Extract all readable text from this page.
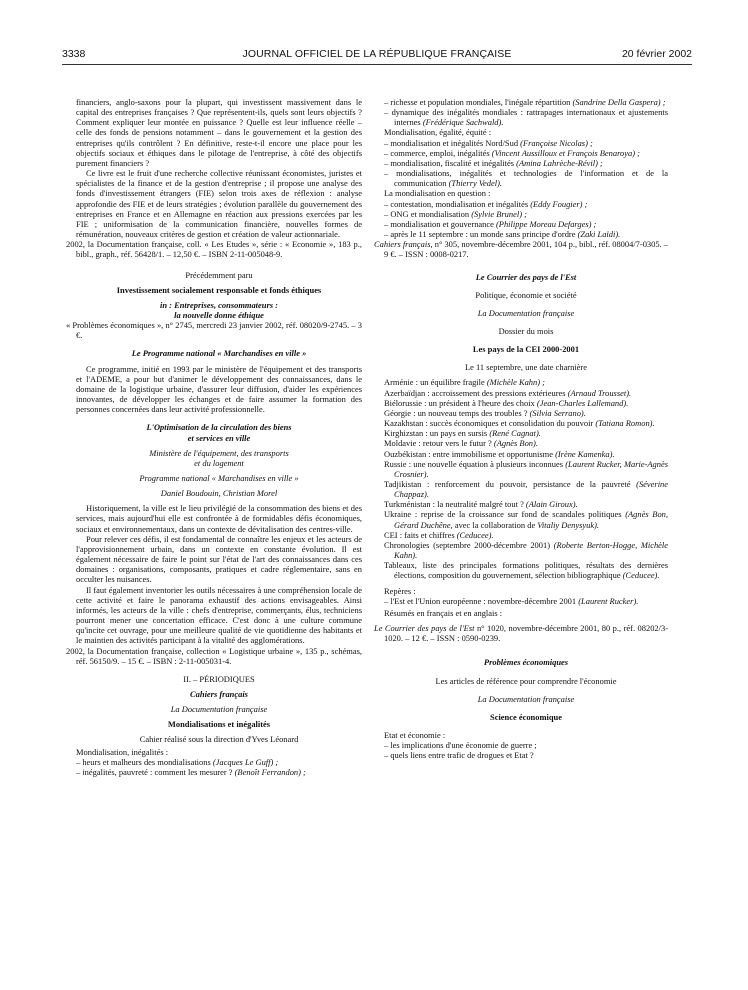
3338	JOURNAL OFFICIEL DE LA RÉPUBLIQUE FRANÇAISE	20 février 2002

financiers, anglo-saxons pour la plupart, qui investissent massivement dans le capital des entreprises françaises ? Que représentent-ils, quels sont leurs objectifs ? Comment expliquer leur montée en puissance ? Quelle est leur influence réelle – celle des fonds de pensions notamment – dans le gouvernement et la gestion des entreprises qu'ils contrôlent ? En définitive, reste-t-il encore une place pour les objectifs sociaux et éthiques dans le pilotage de l'entreprise, à côté des objectifs purement financiers ?

Ce livre est le fruit d'une recherche collective réunissant économistes, juristes et spécialistes de la finance et de la gestion d'entreprise ; il propose une analyse des fonds d'investissement étrangers (FIE) selon trois axes de réflexion : analyse approfondie des FIE et de leurs stratégies ; évolution parallèle du gouvernement des entreprises en France et en Allemagne en réaction aux pressions exercées par les FIE ; uniformisation de la communication financière, nouvelles formes de rémunération, nouveaux critères de gestion et création de valeur actionnariale.

2002, la Documentation française, coll. « Les Etudes », série : « Economie », 183 p., bibl., graph., réf. 56428/1. – 12,50 €. – ISBN 2-11-005048-9.

Précédemment paru

Investissement socialement responsable et fonds éthiques

in : Entreprises, consommateurs :

la nouvelle donne éthique

« Problèmes économiques », n° 2745, mercredi 23 janvier 2002, réf. 08020/9-2745. – 3 €.

Le Programme national « Marchandises en ville »

Ce programme, initié en 1993 par le ministère de l'équipement et des transports et l'ADEME, a pour but d'animer le développement des connaissances, dans le domaine de la logistique urbaine, d'assurer leur diffusion, d'aider les expériences innovantes, de développer les échanges et de faire assumer la formation des personnes concernées dans leur activité professionnelle.

L'Optimisation de la circulation des biens

et services en ville

Ministère de l'équipement, des transports

et du logement

Programme national « Marchandises en ville »

Daniel Boudouin, Christian Morel

Historiquement, la ville est le lieu privilégié de la consommation des biens et des services, mais aujourd'hui elle est confrontée à de formidables défis économiques, sociaux et environnementaux, dans un contexte de dévitalisation des centres-ville.

Pour relever ces défis, il est fondamental de connaître les enjeux et les acteurs de l'approvisionnement urbain, dans un contexte en constante évolution. Il est également nécessaire de faire le point sur l'état de l'art des connaissances dans ces domaines : organisations, composants, pratiques et cadre réglementaire, sans en occulter les nuisances.

Il faut également inventorier les outils nécessaires à une compréhension locale de cette activité et faire le panorama exhaustif des actions envisageables. Ainsi informés, les acteurs de la ville : chefs d'entreprise, commerçants, élus, techniciens pourront mener une concertation efficace. C'est donc à une culture commune qu'incite cet ouvrage, pour une meilleure qualité de vie quotidienne des habitants et le maintien des activités participant à la vitalité des agglomérations.

2002, la Documentation française, collection « Logistique urbaine », 135 p., schémas, réf. 56150/9. – 15 €. – ISBN : 2-11-005031-4.

II. – PÉRIODIQUES

Cahiers français

La Documentation française

Mondialisations et inégalités

Cahier réalisé sous la direction d'Yves Léonard

Mondialisation, inégalités :

– heurs et malheurs des mondialisations (Jacques Le Guff) ;

– inégalités, pauvreté : comment les mesurer ? (Benoît Ferrandon) ;

– richesse et population mondiales, l'inégale répartition (Sandrine Della Gaspera) ;

– dynamique des inégalités mondiales : rattrapages internationaux et ajustements internes (Frédérique Sachwald).

Mondialisation, égalité, équité :

– mondialisation et inégalités Nord/Sud (Françoise Nicolas) ;

– commerce, emploi, inégalités (Vincent Aussilloux et François Benaroya) ;

– mondialisation, fiscalité et inégalités (Amina Lahrèche-Révil) ;

– mondialisations, inégalités et technologies de l'information et de la communication (Thierry Vedel).

La mondialisation en question :

– contestation, mondialisation et inégalités (Eddy Fougier) ;

– ONG et mondialisation (Sylvie Brunel) ;

– mondialisation et gouvernance (Philippe Moreau Defarges) ;

– après le 11 septembre : un monde sans principe d'ordre (Zaki Laïdi).

Cahiers français, n° 305, novembre-décembre 2001, 104 p., bibl., réf. 08004/7-0305. – 9 €. – ISSN : 0008-0217.

Le Courrier des pays de l'Est

Politique, économie et société

La Documentation française

Dossier du mois

Les pays de la CEI 2000-2001

Le 11 septembre, une date charnière

Arménie : un équilibre fragile (Michèle Kahn) ;

Azerbaïdjan : accroissement des pressions extérieures (Arnaud Trousset).

Biélorussie : un président à l'heure des choix (Jean-Charles Lallemand).

Géorgie : un nouveau temps des troubles ? (Silvia Serrano).

Kazakhstan : succès économiques et consolidation du pouvoir (Tatiana Romon).

Kirghizstan : un pays en sursis (René Cagnat).

Moldavie : retour vers le futur ? (Agnès Bon).

Ouzbékistan : entre immobilisme et opportunisme (Irène Kamenka).

Russie : une nouvelle équation à plusieurs inconnues (Laurent Rucker, Marie-Agnès Crosnier).

Tadjikistan : renforcement du pouvoir, persistance de la pauvreté (Séverine Chappaz).

Turkménistan : la neutralité malgré tout ? (Alain Giroux).

Ukraine : reprise de la croissance sur fond de scandales politiques (Agnès Bon, Gérard Duchêne, avec la collaboration de Vitaliy Denysyuk).

CEI : faits et chiffres (Ceducee).

Chronologies (septembre 2000-décembre 2001) (Roberte Berton-Hogge, Michèle Kahn).

Tableaux, liste des principales formations politiques, résultats des dernières élections, composition du gouvernement, sélection bibliographique (Ceducee).

Repères :

– l'Est et l'Union européenne : novembre-décembre 2001 (Laurent Rucker).

Résumés en français et en anglais :

Le Courrier des pays de l'Est n° 1020, novembre-décembre 2001, 80 p., réf. 08202/3-1020. – 12 €. – ISSN : 0590-0239.

Problèmes économiques

Les articles de référence pour comprendre l'économie

La Documentation française

Science économique

Etat et économie :

– les implications d'une économie de guerre ;

– quels liens entre trafic de drogues et Etat ?
